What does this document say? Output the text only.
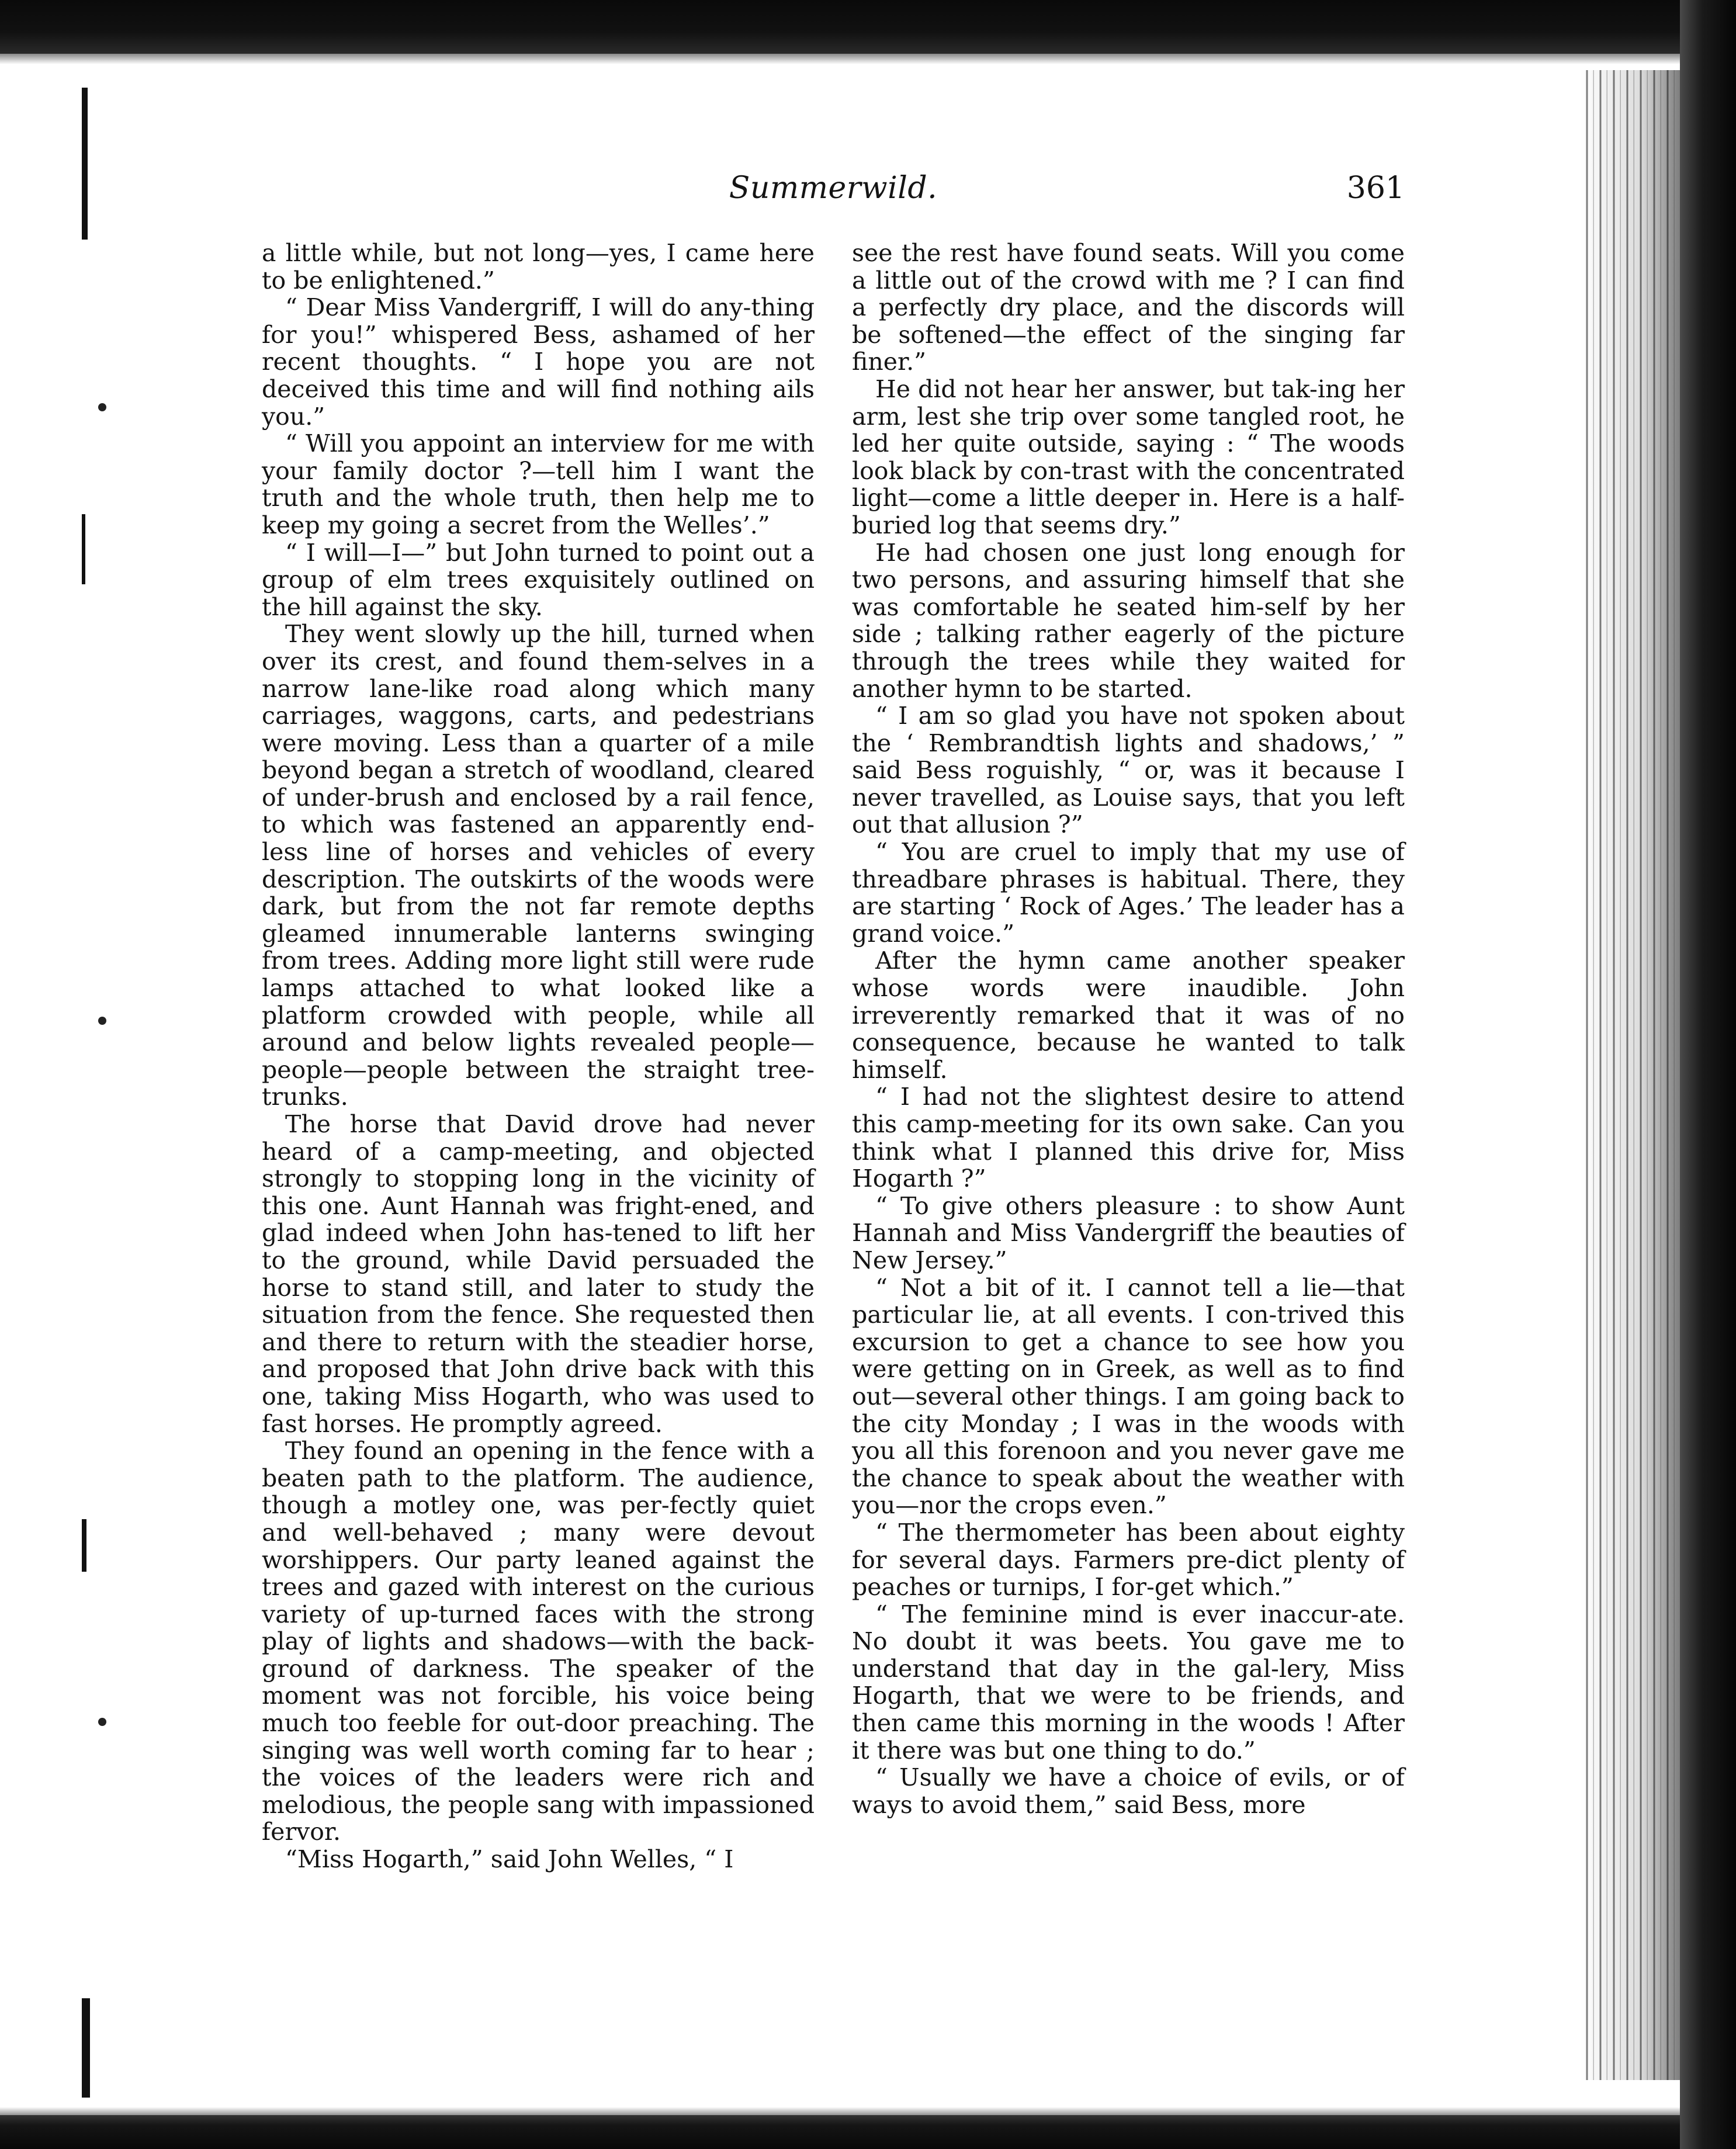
Summerwild.	361

a little while, but not long—yes, I came here to be enlightened.”

“ Dear Miss Vandergriff, I will do any-thing for you!” whispered Bess, ashamed of her recent thoughts. “ I hope you are not deceived this time and will find nothing ails you.”

“ Will you appoint an interview for me with your family doctor ?—tell him I want the truth and the whole truth, then help me to keep my going a secret from the Welles’.”

“ I will—I—” but John turned to point out a group of elm trees exquisitely outlined on the hill against the sky.

They went slowly up the hill, turned when over its crest, and found them-selves in a narrow lane-like road along which many carriages, waggons, carts, and pedestrians were moving. Less than a quarter of a mile beyond began a stretch of woodland, cleared of under-brush and enclosed by a rail fence, to which was fastened an apparently end-less line of horses and vehicles of every description. The outskirts of the woods were dark, but from the not far remote depths gleamed innumerable lanterns swinging from trees. Adding more light still were rude lamps attached to what looked like a platform crowded with people, while all around and below lights revealed people—people—people between the straight tree-trunks.

The horse that David drove had never heard of a camp-meeting, and objected strongly to stopping long in the vicinity of this one. Aunt Hannah was fright-ened, and glad indeed when John has-tened to lift her to the ground, while David persuaded the horse to stand still, and later to study the situation from the fence. She requested then and there to return with the steadier horse, and proposed that John drive back with this one, taking Miss Hogarth, who was used to fast horses. He promptly agreed.

They found an opening in the fence with a beaten path to the platform. The audience, though a motley one, was per-fectly quiet and well-behaved ; many were devout worshippers. Our party leaned against the trees and gazed with interest on the curious variety of up-turned faces with the strong play of lights and shadows—with the back-ground of darkness. The speaker of the moment was not forcible, his voice being much too feeble for out-door preaching. The singing was well worth coming far to hear ; the voices of the leaders were rich and melodious, the people sang with impassioned fervor.

“Miss Hogarth,” said John Welles, “ I

see the rest have found seats. Will you come a little out of the crowd with me ? I can find a perfectly dry place, and the discords will be softened—the effect of the singing far finer.”

He did not hear her answer, but tak-ing her arm, lest she trip over some tangled root, he led her quite outside, saying : “ The woods look black by con-trast with the concentrated light—come a little deeper in. Here is a half-buried log that seems dry.”

He had chosen one just long enough for two persons, and assuring himself that she was comfortable he seated him-self by her side ; talking rather eagerly of the picture through the trees while they waited for another hymn to be started.

“ I am so glad you have not spoken about the ‘ Rembrandtish lights and shadows,’ ” said Bess roguishly, “ or, was it because I never travelled, as Louise says, that you left out that allusion ?”

“ You are cruel to imply that my use of threadbare phrases is habitual. There, they are starting ‘ Rock of Ages.’ The leader has a grand voice.”

After the hymn came another speaker whose words were inaudible. John irreverently remarked that it was of no consequence, because he wanted to talk himself.

“ I had not the slightest desire to attend this camp-meeting for its own sake. Can you think what I planned this drive for, Miss Hogarth ?”

“ To give others pleasure : to show Aunt Hannah and Miss Vandergriff the beauties of New Jersey.”

“ Not a bit of it. I cannot tell a lie—that particular lie, at all events. I con-trived this excursion to get a chance to see how you were getting on in Greek, as well as to find out—several other things. I am going back to the city Monday ; I was in the woods with you all this forenoon and you never gave me the chance to speak about the weather with you—nor the crops even.”

“ The thermometer has been about eighty for several days. Farmers pre-dict plenty of peaches or turnips, I for-get which.”

“ The feminine mind is ever inaccur-ate. No doubt it was beets. You gave me to understand that day in the gal-lery, Miss Hogarth, that we were to be friends, and then came this morning in the woods ! After it there was but one thing to do.”

“ Usually we have a choice of evils, or of ways to avoid them,” said Bess, more
